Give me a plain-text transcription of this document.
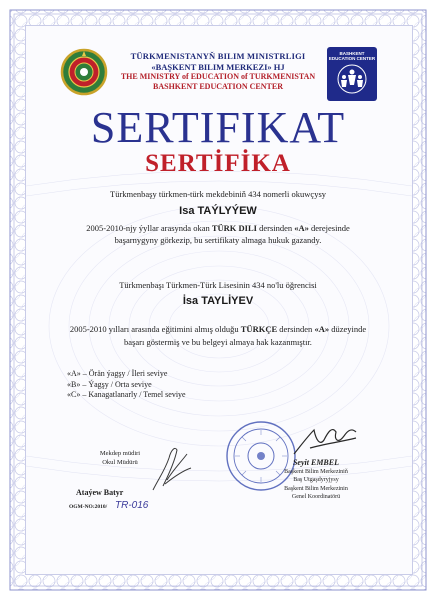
BASHKENT
EDUCATION CENTER
TÜRKMENISTANYŇ BILIM MINISTRLIGI
«BAŞKENT BILIM MERKEZI» HJ
THE MINISTRY of EDUCATION of TURKMENISTAN
BASHKENT EDUCATION CENTER
SERTIFIKAT
SERTİFİKA
Türkmenbaşy türkmen-türk mekdebiniň 434 nomerli okuwçysy
Isa TAÝLYÝEW
2005-2010-njy ýyllar arasynda okan TÜRK DILI dersinden «A» derejesinde
başarnygyny görkezip, bu sertifikaty almaga hukuk gazandy.
Türkmenbaşı Türkmen-Türk Lisesinin 434 no'lu öğrencisi
İsa TAYLİYEV
2005-2010 yılları arasında eğitimini almış olduğu TÜRKÇE dersinden «A» düzeyinde
başarı göstermiş ve bu belgeyi almaya hak kazanmıştır.
«A» – Örän ýagşy / İleri seviye
«B» – Ýagşy / Orta seviye
«C» – Kanagatlanarly / Temel seviye
Mekdep müdiri
Okul Müdürü
Ataýew Batyr
OGM-NO:2010/ TR-016
Seyit EMBEL
Başkent Bilim Merkeziniň
Baş Utgaşdyryjysy
Başkent Bilim Merkezinin
Genel Koordinatörü
